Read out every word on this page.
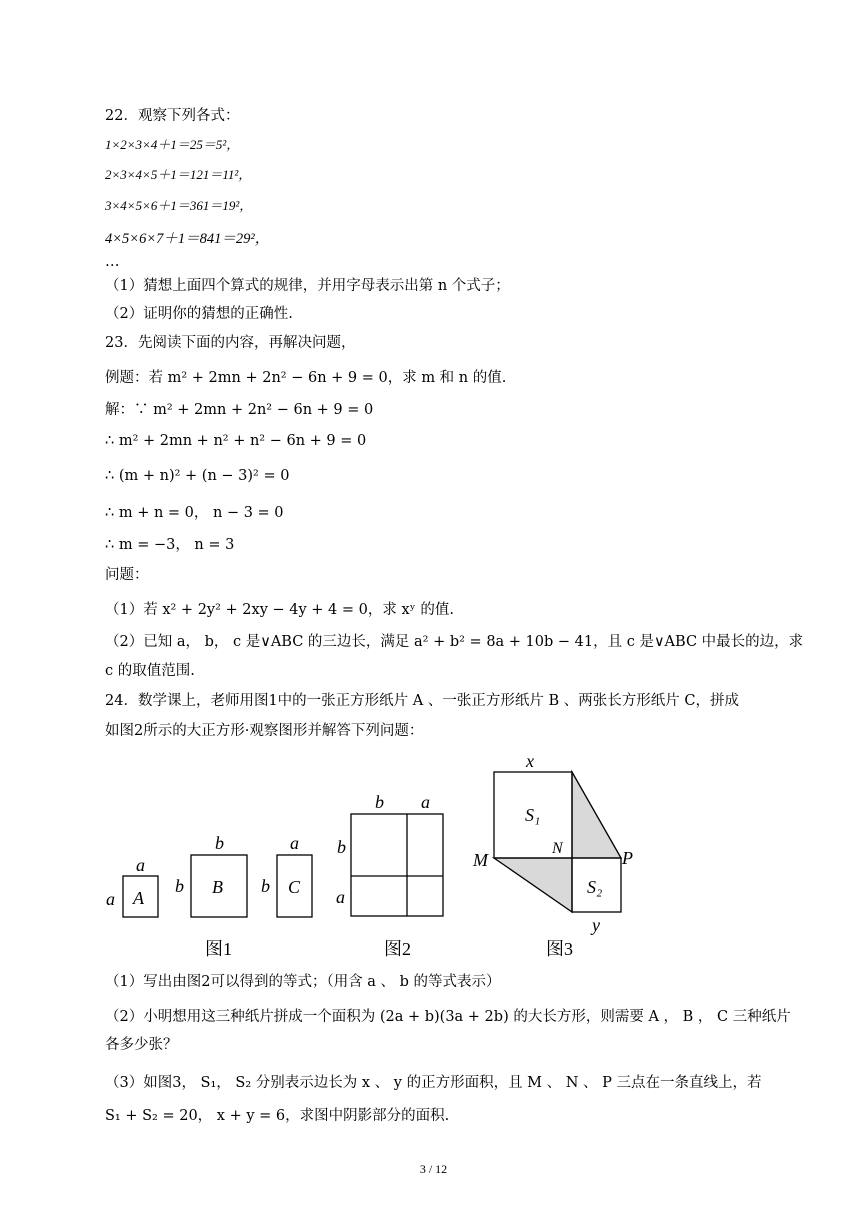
22．观察下列各式：
1×2×3×4＋1＝25＝5²，
2×3×4×5＋1＝121＝11²，
3×4×5×6＋1＝361＝19²，
4×5×6×7＋1＝841＝29²，
…
（1）猜想上面四个算式的规律，并用字母表示出第 n 个式子；
（2）证明你的猜想的正确性.
23．先阅读下面的内容，再解决问题，
例题：若 m² + 2mn + 2n² − 6n + 9 = 0，求 m 和 n 的值.
解：∵ m² + 2mn + 2n² − 6n + 9 = 0
∴ m² + 2mn + n² + n² − 6n + 9 = 0
∴ (m + n)² + (n − 3)² = 0
∴ m + n = 0， n − 3 = 0
∴ m = −3， n = 3
问题：
（1）若 x² + 2y² + 2xy − 4y + 4 = 0，求 xʸ 的值.
（2）已知 a， b， c 是∨ABC 的三边长，满足 a² + b² = 8a + 10b − 41，且 c 是∨ABC 中最长的边，求
c 的取值范围.
24．数学课上，老师用图1中的一张正方形纸片 A 、一张正方形纸片 B 、两张长方形纸片 C，拼成
如图2所示的大正方形·观察图形并解答下列问题：
a
a A
b
b B
a
b C
图1
b a
b
a
图2
x
S₁
N
M	P
S₂
y
图3
（1）写出由图2可以得到的等式；（用含 a 、 b 的等式表示）
（2）小明想用这三种纸片拼成一个面积为 (2a + b)(3a + 2b) 的大长方形，则需要 A ， B ， C 三种纸片
各多少张？
（3）如图3， S₁， S₂ 分别表示边长为 x 、 y 的正方形面积，且 M 、 N 、 P 三点在一条直线上，若
S₁ + S₂ = 20， x + y = 6，求图中阴影部分的面积.
3 / 12
